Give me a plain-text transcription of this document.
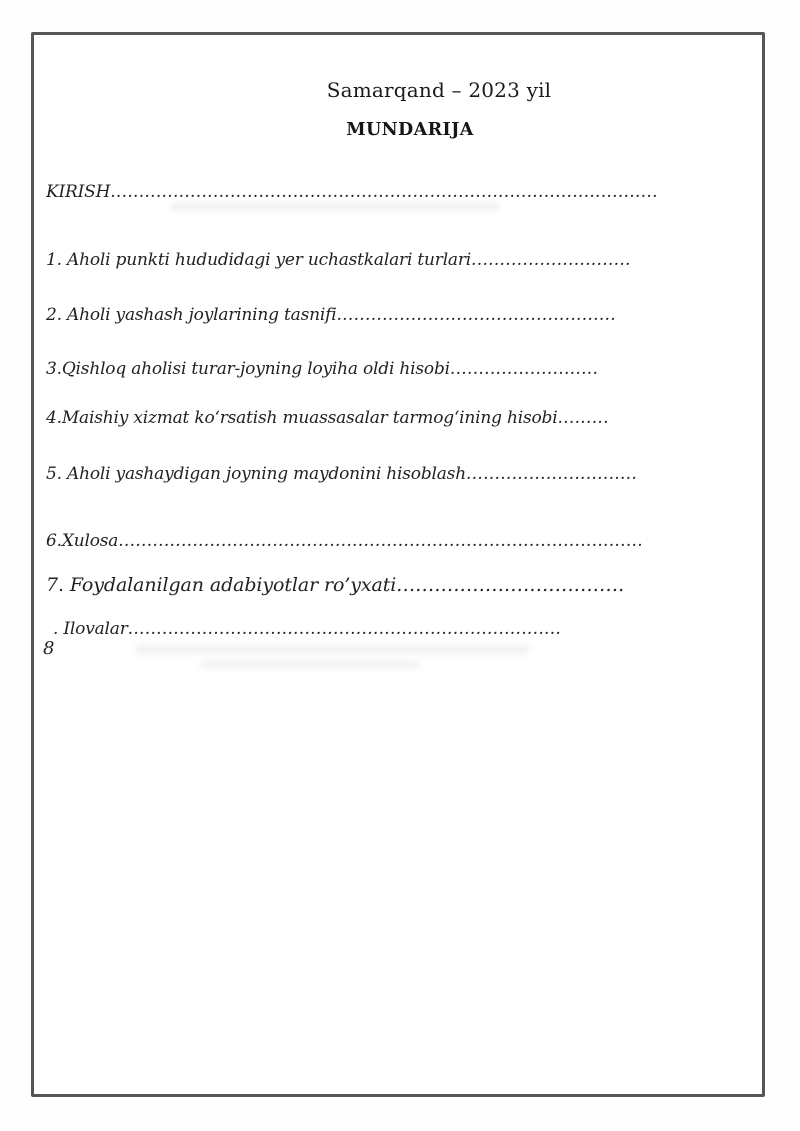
Samarqand – 2023 yil
MUNDARIJA
KIRISH................................................................................................
1. Aholi punkti hududidagi yer uchastkalari turlari............................
2. Aholi yashash joylarining tasnifi.................................................
3.Qishloq aholisi turar-joyning loyiha oldi hisobi..........................
4.Maishiy xizmat koʻrsatish muassasalar tarmogʻining hisobi.........
5. Aholi yashaydigan joyning maydonini hisoblash..............................
6.Xulosa............................................................................................
7. Foydalanilgan adabiyotlar ro’yxati....................................
. Ilovalar............................................................................
8
